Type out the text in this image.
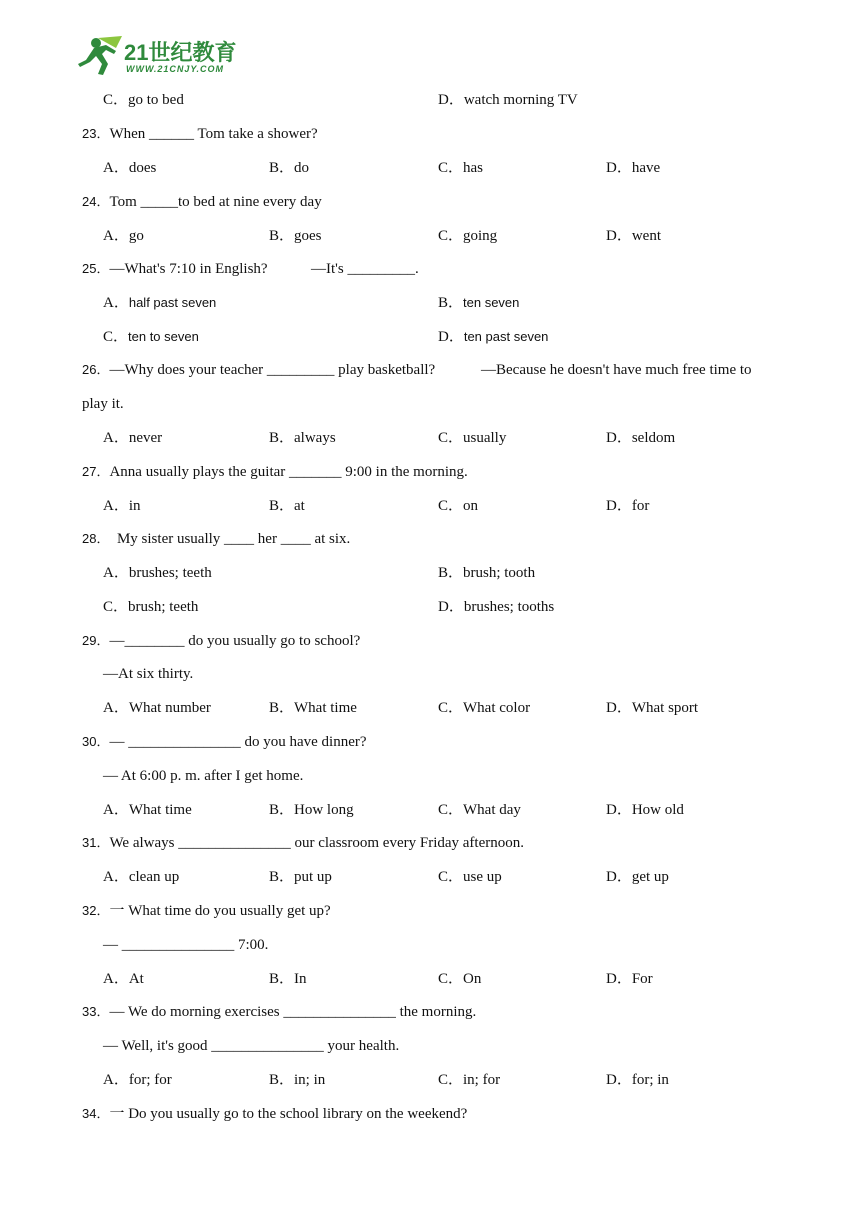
21世纪教育
WWW.21CNJY.COM
C．go to bed	D．watch morning TV
23．When ______ Tom take a shower?
A．does	B．do	C．has	D．have
24．Tom _____to bed at nine every day
A．go	B．goes	C．going	D．went
25．—What's 7:10 in English?	—It's _________.
A．half past seven	B．ten seven
C．ten to seven	D．ten past seven
26．—Why does your teacher _________ play basketball?	—Because he doesn't have much free time to
play it.
A．never	B．always	C．usually	D．seldom
27．Anna usually plays the guitar _______ 9:00 in the morning.
A．in	B．at	C．on	D．for
28． My sister usually ____ her ____ at six.
A．brushes; teeth	B．brush; tooth
C．brush; teeth	D．brushes; tooths
29．—________ do you usually go to school?
—At six thirty.
A．What number	B．What time	C．What color	D．What sport
30．— _______________ do you have dinner?
— At 6:00 p. m. after I get home.
A．What time	B．How long	C．What day	D．How old
31．We always _______________ our classroom every Friday afternoon.
A．clean up	B．put up	C．use up	D．get up
32．一 What time do you usually get up?
— _______________ 7:00.
A．At	B．In	C．On	D．For
33．— We do morning exercises _______________ the morning.
— Well, it's good _______________ your health.
A．for; for	B．in; in	C．in; for	D．for; in
34．一 Do you usually go to the school library on the weekend?
